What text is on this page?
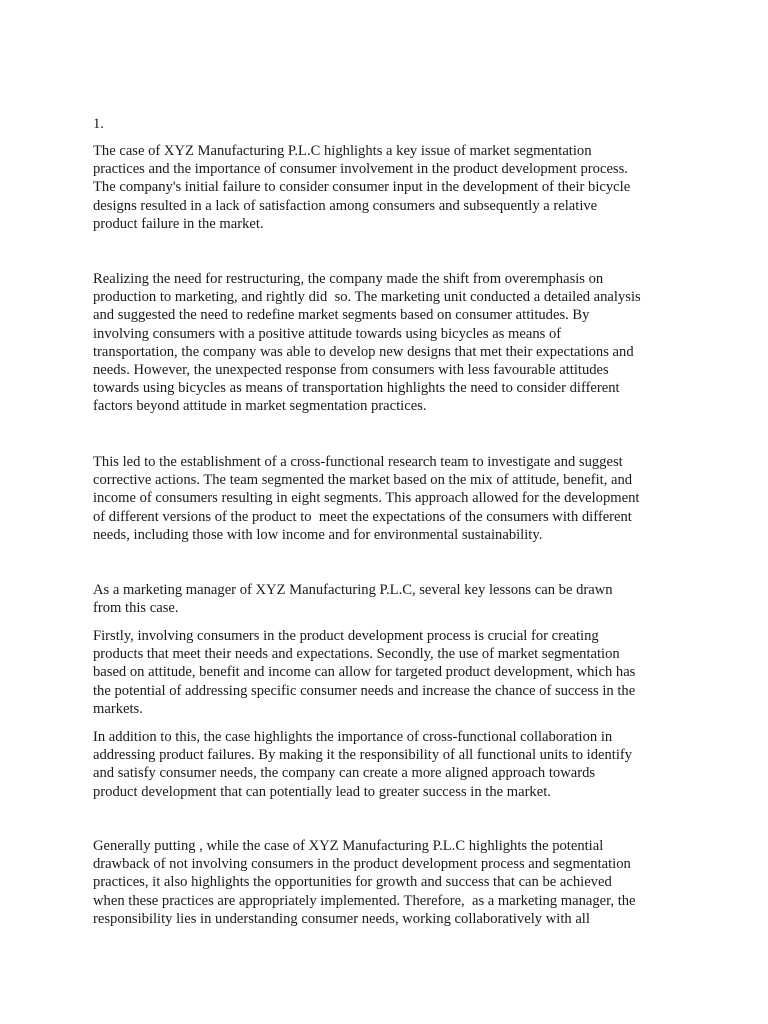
1.

The case of XYZ Manufacturing P.L.C highlights a key issue of market segmentation
practices and the importance of consumer involvement in the product development process.
The company's initial failure to consider consumer input in the development of their bicycle
designs resulted in a lack of satisfaction among consumers and subsequently a relative
product failure in the market.

Realizing the need for restructuring, the company made the shift from overemphasis on
production to marketing, and rightly did  so. The marketing unit conducted a detailed analysis
and suggested the need to redefine market segments based on consumer attitudes. By
involving consumers with a positive attitude towards using bicycles as means of
transportation, the company was able to develop new designs that met their expectations and
needs. However, the unexpected response from consumers with less favourable attitudes
towards using bicycles as means of transportation highlights the need to consider different
factors beyond attitude in market segmentation practices.

This led to the establishment of a cross-functional research team to investigate and suggest
corrective actions. The team segmented the market based on the mix of attitude, benefit, and
income of consumers resulting in eight segments. This approach allowed for the development
of different versions of the product to  meet the expectations of the consumers with different
needs, including those with low income and for environmental sustainability.

As a marketing manager of XYZ Manufacturing P.L.C, several key lessons can be drawn
from this case.

Firstly, involving consumers in the product development process is crucial for creating
products that meet their needs and expectations. Secondly, the use of market segmentation
based on attitude, benefit and income can allow for targeted product development, which has
the potential of addressing specific consumer needs and increase the chance of success in the
markets.

In addition to this, the case highlights the importance of cross-functional collaboration in
addressing product failures. By making it the responsibility of all functional units to identify
and satisfy consumer needs, the company can create a more aligned approach towards
product development that can potentially lead to greater success in the market.

Generally putting , while the case of XYZ Manufacturing P.L.C highlights the potential
drawback of not involving consumers in the product development process and segmentation
practices, it also highlights the opportunities for growth and success that can be achieved
when these practices are appropriately implemented. Therefore,  as a marketing manager, the
responsibility lies in understanding consumer needs, working collaboratively with all
